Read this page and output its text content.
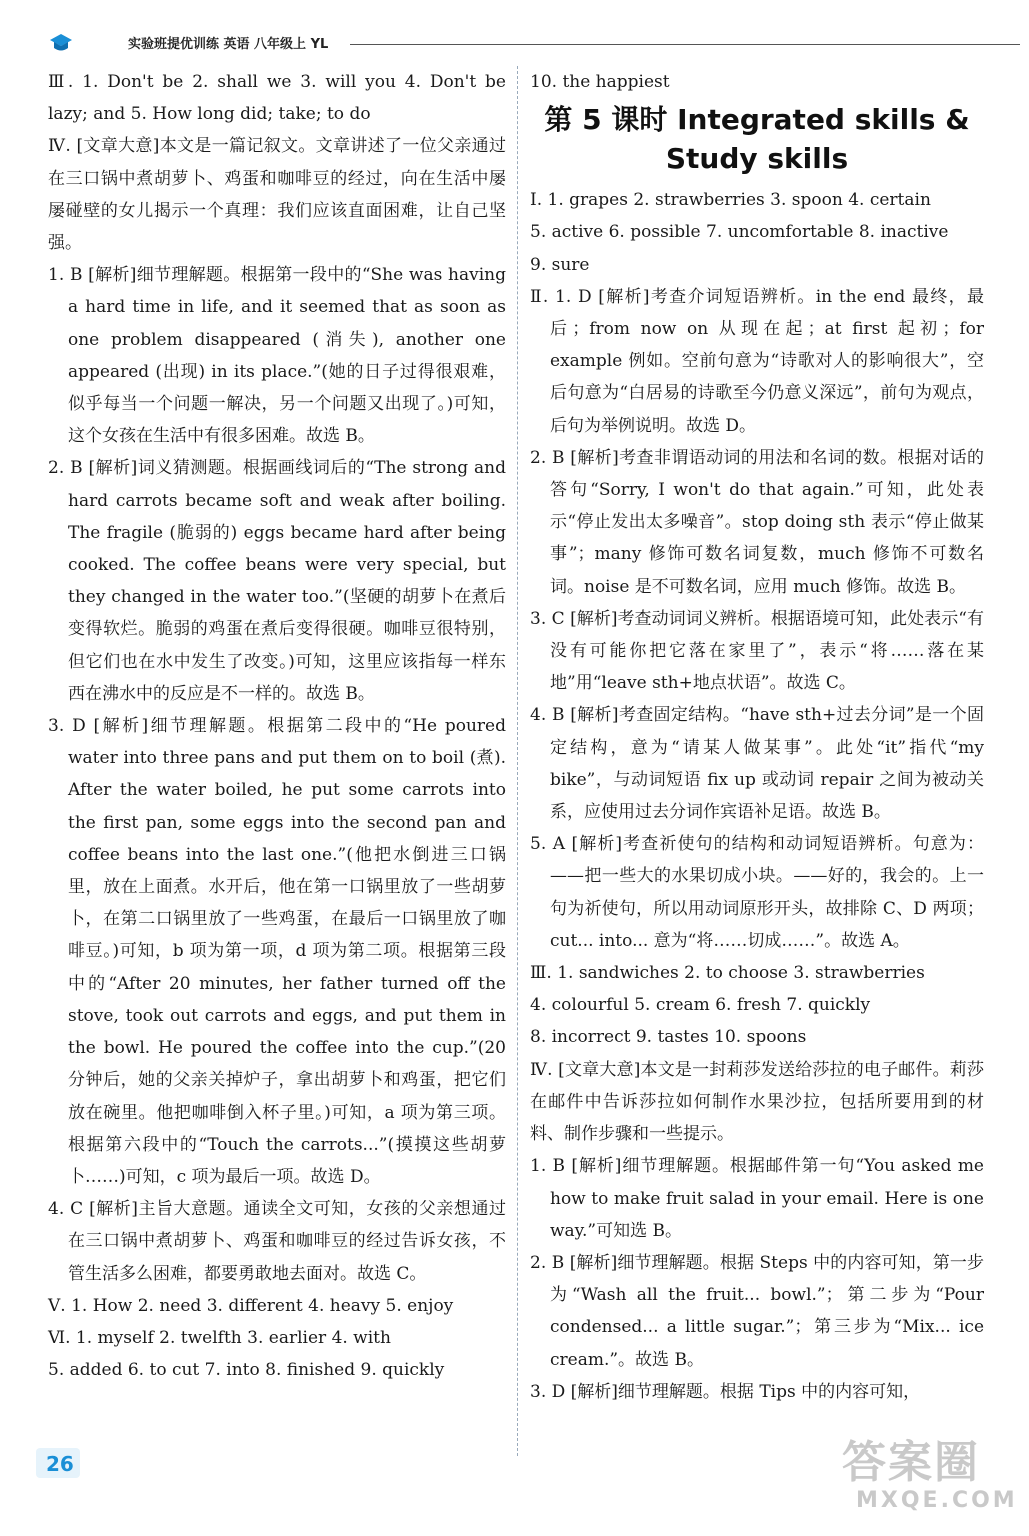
实验班提优训练 英语 八年级上 YL

Ⅲ. 1. Don't be 2. shall we 3. will you 4. Don't be lazy; and 5. How long did; take; to do

Ⅳ. [文章大意]本文是一篇记叙文。文章讲述了一位父亲通过在三口锅中煮胡萝卜、鸡蛋和咖啡豆的经过，向在生活中屡屡碰壁的女儿揭示一个真理：我们应该直面困难，让自己坚强。

1. B [解析]细节理解题。根据第一段中的“She was having a hard time in life, and it seemed that as soon as one problem disappeared (消失), another one appeared (出现) in its place.”(她的日子过得很艰难，似乎每当一个问题一解决，另一个问题又出现了。)可知，这个女孩在生活中有很多困难。故选 B。

2. B [解析]词义猜测题。根据画线词后的“The strong and hard carrots became soft and weak after boiling. The fragile (脆弱的) eggs became hard after being cooked. The coffee beans were very special, but they changed in the water too.”(坚硬的胡萝卜在煮后变得软烂。脆弱的鸡蛋在煮后变得很硬。咖啡豆很特别，但它们也在水中发生了改变。)可知，这里应该指每一样东西在沸水中的反应是不一样的。故选 B。

3. D [解析]细节理解题。根据第二段中的“He poured water into three pans and put them on to boil (煮). After the water boiled, he put some carrots into the first pan, some eggs into the second pan and coffee beans into the last one.”(他把水倒进三口锅里，放在上面煮。水开后，他在第一口锅里放了一些胡萝卜，在第二口锅里放了一些鸡蛋，在最后一口锅里放了咖啡豆。)可知，b 项为第一项，d 项为第二项。根据第三段中的“After 20 minutes, her father turned off the stove, took out carrots and eggs, and put them in the bowl. He poured the coffee into the cup.”(20 分钟后，她的父亲关掉炉子，拿出胡萝卜和鸡蛋，把它们放在碗里。他把咖啡倒入杯子里。)可知，a 项为第三项。根据第六段中的“Touch the carrots...”(摸摸这些胡萝卜……)可知，c 项为最后一项。故选 D。

4. C [解析]主旨大意题。通读全文可知，女孩的父亲想通过在三口锅中煮胡萝卜、鸡蛋和咖啡豆的经过告诉女孩，不管生活多么困难，都要勇敢地去面对。故选 C。

Ⅴ. 1. How 2. need 3. different 4. heavy 5. enjoy

Ⅵ. 1. myself 2. twelfth 3. earlier 4. with

5. added 6. to cut 7. into 8. finished 9. quickly

10. the happiest

第 5 课时 Integrated skills & Study skills

Ⅰ. 1. grapes 2. strawberries 3. spoon 4. certain

5. active 6. possible 7. uncomfortable 8. inactive

9. sure

Ⅱ. 1. D [解析]考查介词短语辨析。in the end 最终，最后；from now on 从现在起；at first 起初；for example 例如。空前句意为“诗歌对人的影响很大”，空后句意为“白居易的诗歌至今仍意义深远”，前句为观点，后句为举例说明。故选 D。

2. B [解析]考查非谓语动词的用法和名词的数。根据对话的答句“Sorry, I won't do that again.”可知，此处表示“停止发出太多噪音”。stop doing sth 表示“停止做某事”；many 修饰可数名词复数，much 修饰不可数名词。noise 是不可数名词，应用 much 修饰。故选 B。

3. C [解析]考查动词词义辨析。根据语境可知，此处表示“有没有可能你把它落在家里了”，表示“将……落在某地”用“leave sth+地点状语”。故选 C。

4. B [解析]考查固定结构。“have sth+过去分词”是一个固定结构，意为“请某人做某事”。此处“it”指代“my bike”，与动词短语 fix up 或动词 repair 之间为被动关系，应使用过去分词作宾语补足语。故选 B。

5. A [解析]考查祈使句的结构和动词短语辨析。句意为：——把一些大的水果切成小块。——好的，我会的。上一句为祈使句，所以用动词原形开头，故排除 C、D 两项；cut... into... 意为“将……切成……”。故选 A。

Ⅲ. 1. sandwiches 2. to choose 3. strawberries

4. colourful 5. cream 6. fresh 7. quickly

8. incorrect 9. tastes 10. spoons

Ⅳ. [文章大意]本文是一封莉莎发送给莎拉的电子邮件。莉莎在邮件中告诉莎拉如何制作水果沙拉，包括所要用到的材料、制作步骤和一些提示。

1. B [解析]细节理解题。根据邮件第一句“You asked me how to make fruit salad in your email. Here is one way.”可知选 B。

2. B [解析]细节理解题。根据 Steps 中的内容可知，第一步为“Wash all the fruit... bowl.”；第二步为“Pour condensed... a little sugar.”；第三步为“Mix... ice cream.”。故选 B。

3. D [解析]细节理解题。根据 Tips 中的内容可知，

26	答案圈
MXQE.COM
